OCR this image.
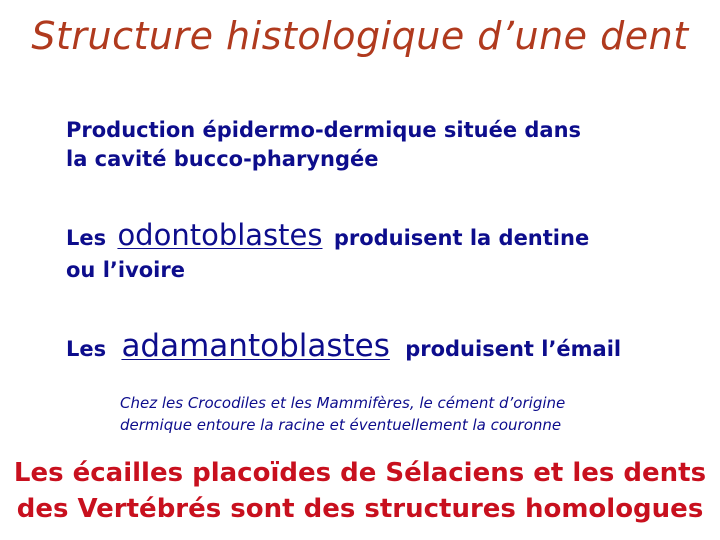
Structure histologique d’une dent
Production épidermo-dermique située dans
la cavité bucco-pharyngée
Les odontoblastes produisent la dentine
ou l’ivoire
Les adamantoblastes produisent l’émail
Chez les Crocodiles et les Mammifères, le cément d’origine
dermique entoure la racine et éventuellement la couronne
Les écailles placoïdes de Sélaciens et les dents
des Vertébrés sont des structures homologues
